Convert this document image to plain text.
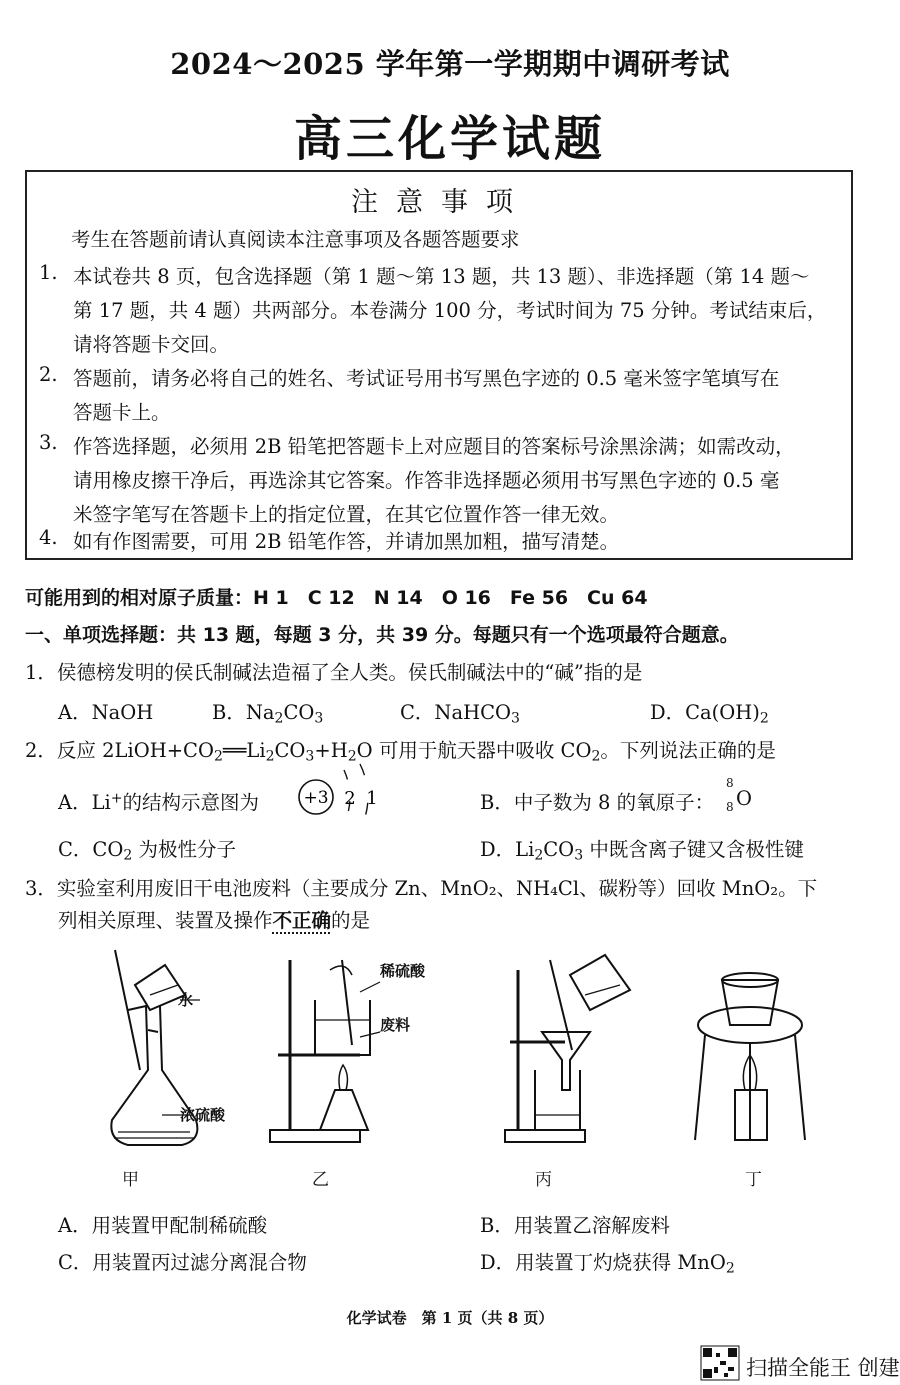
2024～2025 学年第一学期期中调研考试
高三化学试题
注意事项
考生在答题前请认真阅读本注意事项及各题答题要求
1. 本试卷共 8 页，包含选择题（第 1 题～第 13 题，共 13 题）、非选择题（第 14 题～
第 17 题，共 4 题）共两部分。本卷满分 100 分，考试时间为 75 分钟。考试结束后，
请将答题卡交回。
2. 答题前，请务必将自己的姓名、考试证号用书写黑色字迹的 0.5 毫米签字笔填写在
答题卡上。
3. 作答选择题，必须用 2B 铅笔把答题卡上对应题目的答案标号涂黑涂满；如需改动，
请用橡皮擦干净后，再选涂其它答案。作答非选择题必须用书写黑色字迹的 0.5 毫
米签字笔写在答题卡上的指定位置，在其它位置作答一律无效。
4. 如有作图需要，可用 2B 铅笔作答，并请加黑加粗，描写清楚。
可能用到的相对原子质量：H 1　C 12　N 14　O 16　Fe 56　Cu 64
一、单项选择题：共 13 题，每题 3 分，共 39 分。每题只有一个选项最符合题意。
1．侯德榜发明的侯氏制碱法造福了全人类。侯氏制碱法中的“碱”指的是
A．NaOH	B．$Na_2CO_3$	C．NaHCO$_3$	D．$Ca(OH)_2$
2．反应 $2LiOH+CO_2══Li_2CO_3+H_2O$ 可用于航天器中吸收 $CO_2$。下列说法正确的是
A．Li+的结构示意图为	+3 2 1	B．中子数为 8 的氧原子：
8
8 O
C．$CO_2$ 为极性分子	D．$Li_2CO_3$ 中既含离子键又含极性键
3．实验室利用废旧干电池废料（主要成分 Zn、MnO₂、NH₄Cl、碳粉等）回收 MnO₂。下
列相关原理、装置及操作不正确的是
水
浓硫酸
稀硫酸
废料
甲	乙	丙	丁
A．用装置甲配制稀硫酸	B．用装置乙溶解废料
C．用装置丙过滤分离混合物	D．用装置丁灼烧获得 MnO$_2$
化学试卷　第 1 页（共 8 页）
扫描全能王 创建
